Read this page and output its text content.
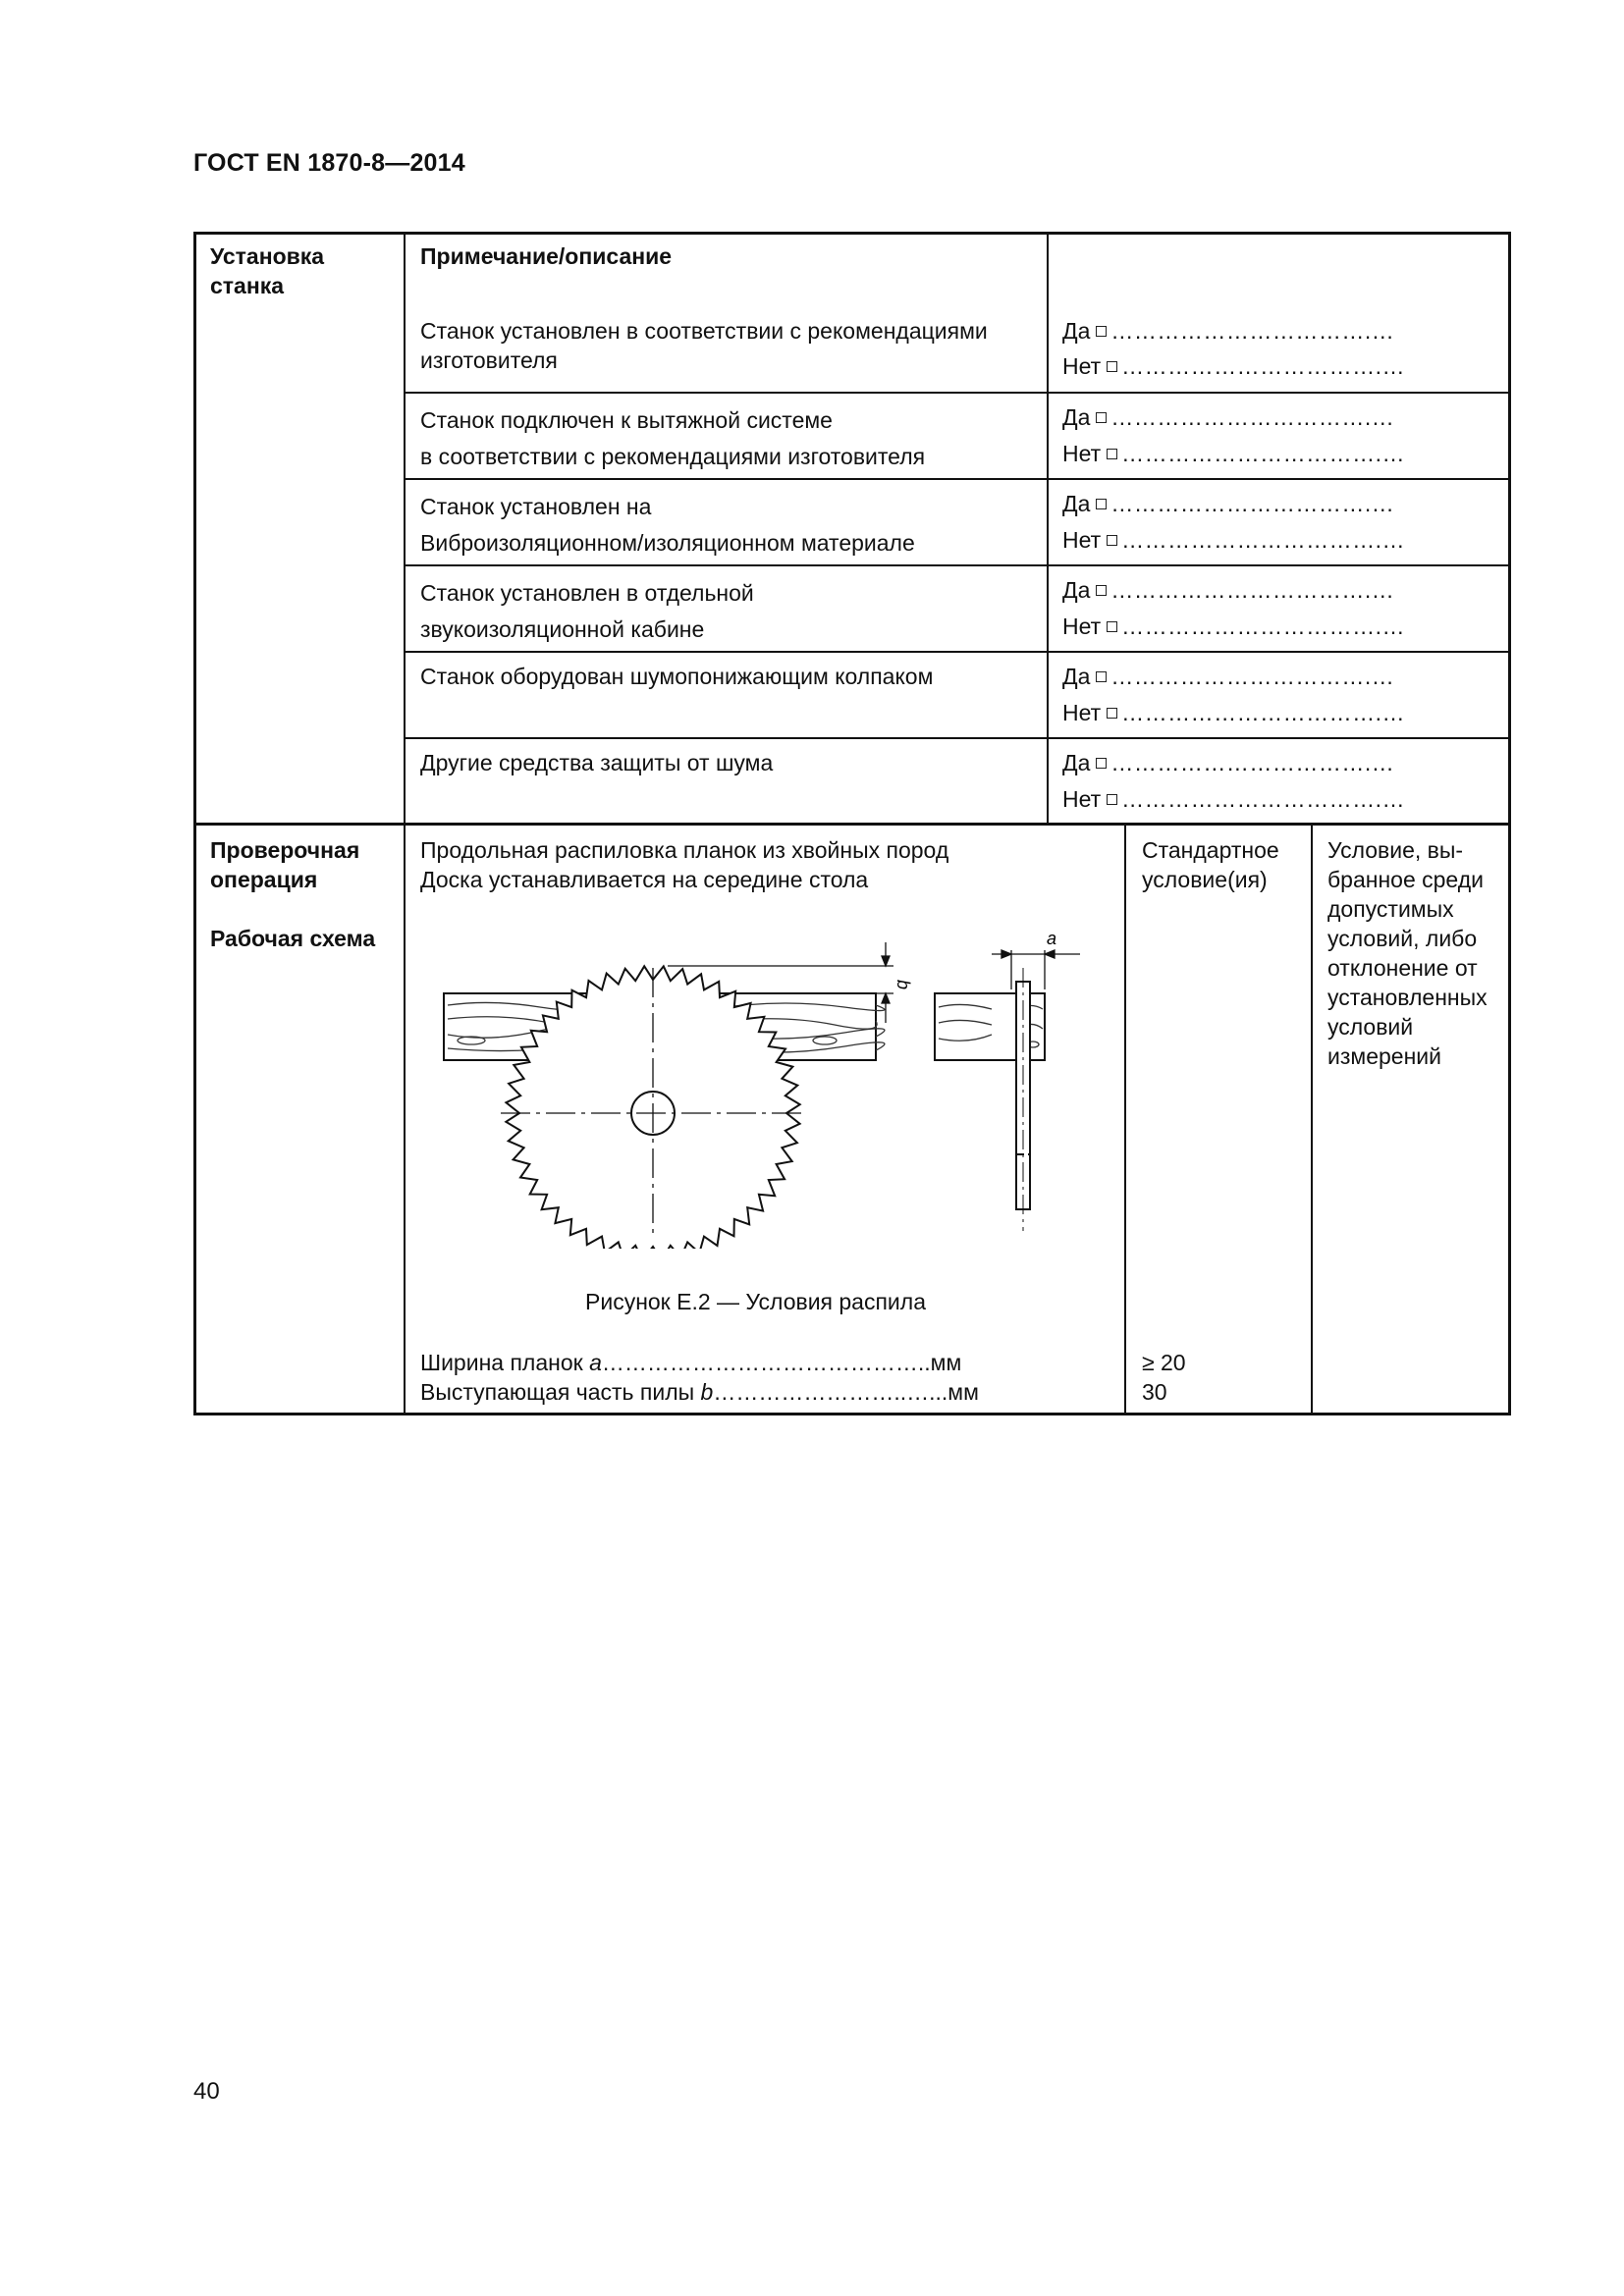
ГОСТ EN 1870-8—2014
Установка
станка
Примечание/описание
Станок установлен в соответствии с рекомендациями
изготовителя
Да …………………………….…
Нет …………………………….…
Станок подключен к вытяжной системе
в соответствии с рекомендациями изготовителя
Да …………………………….…
Нет …………………………….…
Станок установлен на
Виброизоляционном/изоляционном материале
Да …………………………….…
Нет …………………………….…
Станок установлен в отдельной
звукоизоляционной кабине
Да …………………………….…
Нет …………………………….…
Станок оборудован шумопонижающим колпаком	Да …………………………….…
Нет …………………………….…
Другие средства защиты от шума	Да …………………………….…
Нет …………………………….…
Проверочная
операция
Рабочая схема
Продольная распиловка планок из хвойных пород
Доска устанавливается на середине стола
Стандартное
условие(ия)
Условие, вы-
бранное среди
допустимых
условий, либо
отклонение от
установленных
условий
измерений
b
a
Рисунок Е.2 — Условия распила
Ширина планок a……………………………………..мм
Выступающая часть пилы b……………………..…...мм
≥ 20
30
40
